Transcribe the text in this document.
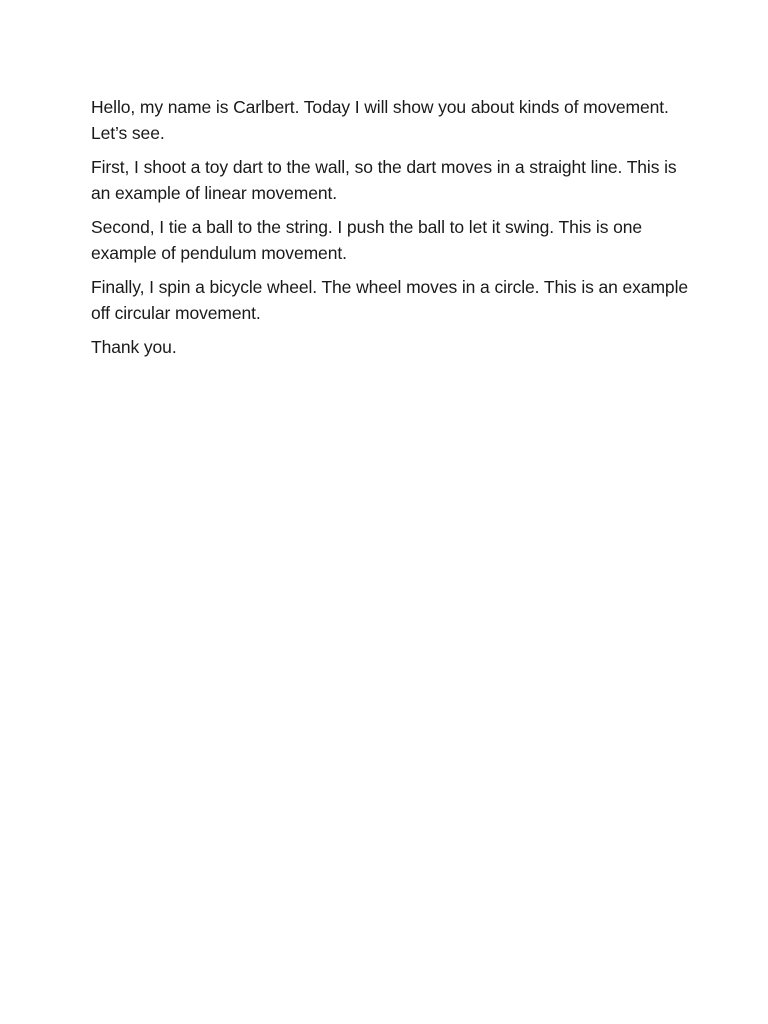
Hello, my name is Carlbert. Today I will show you about kinds of movement. Let’s see.

First, I shoot a toy dart to the wall, so the dart moves in a straight line. This is an example of linear movement.

Second, I tie a ball to the string. I push the ball to let it swing. This is one example of pendulum movement.

Finally, I spin a bicycle wheel. The wheel moves in a circle. This is an example off circular movement.

Thank you.
